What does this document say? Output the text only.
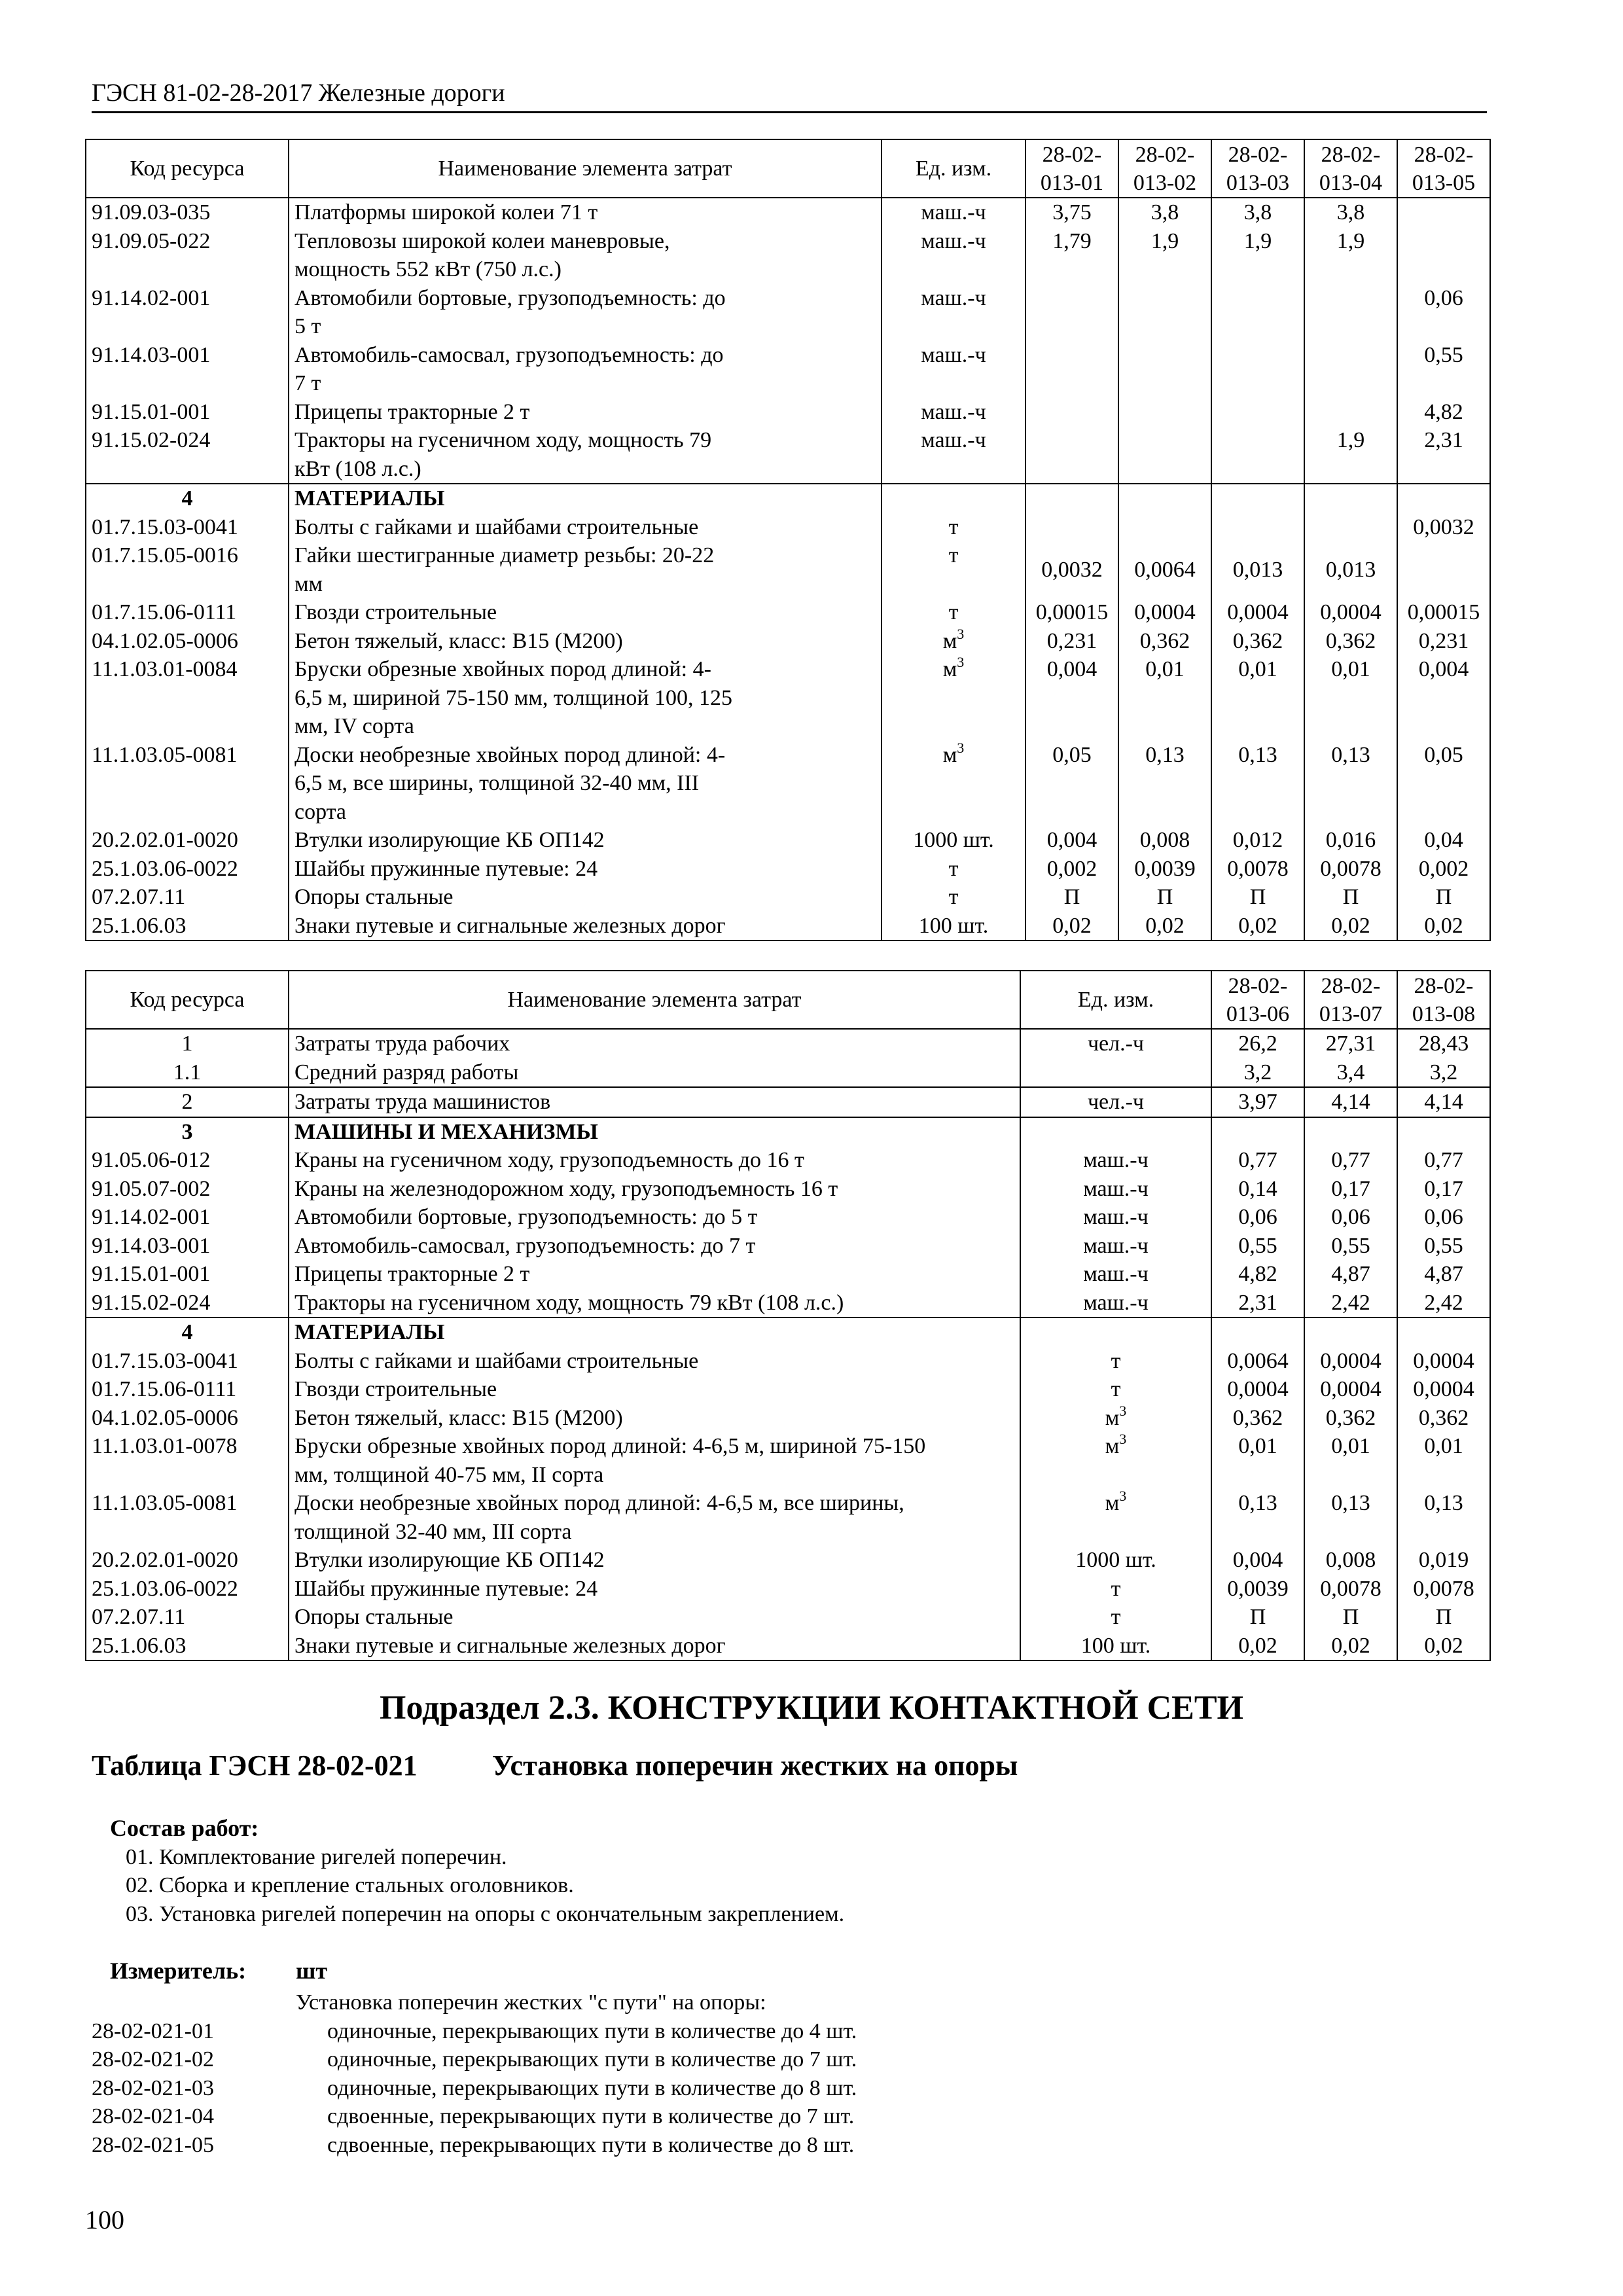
ГЭСН 81-02-28-2017 Железные дороги
Код ресурса	Наименование элемента затрат	Ед. изм.	28-02-
013-01	28-02-
013-02	28-02-
013-03	28-02-
013-04	28-02-
013-05
91.09.03-035	Платформы широкой колеи 71 т	маш.-ч	3,75	3,8	3,8	3,8	
91.09.05-022	Тепловозы широкой колеи маневровые,
мощность 552 кВт (750 л.с.)	маш.-ч	1,79	1,9	1,9	1,9	
91.14.02-001	Автомобили бортовые, грузоподъемность: до
5 т	маш.-ч					0,06
91.14.03-001	Автомобиль-самосвал, грузоподъемность: до
7 т	маш.-ч					0,55
91.15.01-001	Прицепы тракторные 2 т	маш.-ч					4,82
91.15.02-024	Тракторы на гусеничном ходу, мощность 79
кВт (108 л.с.)	маш.-ч				1,9	2,31
4	МАТЕРИАЛЫ						

01.7.15.03-0041	Болты с гайками и шайбами строительные	т					0,0032
01.7.15.05-0016	Гайки шестигранные диаметр резьбы: 20-22
мм	т	0,0032	0,0064	0,013	0,013	
01.7.15.06-0111	Гвозди строительные	т	0,00015	0,0004	0,0004	0,0004	0,00015
04.1.02.05-0006	Бетон тяжелый, класс: В15 (М200)	$м^3$	0,231	0,362	0,362	0,362	0,231
11.1.03.01-0084	Бруски обрезные хвойных пород длиной: 4-
6,5 м, шириной 75-150 мм, толщиной 100, 125
мм, IV сорта	$м^3$	0,004	0,01	0,01	0,01	0,004
11.1.03.05-0081	Доски необрезные хвойных пород длиной: 4-
6,5 м, все ширины, толщиной 32-40 мм, III
сорта	$м^3$	0,05	0,13	0,13	0,13	0,05
20.2.02.01-0020	Втулки изолирующие КБ ОП142	1000 шт.	0,004	0,008	0,012	0,016	0,04
25.1.03.06-0022	Шайбы пружинные путевые: 24	т	0,002	0,0039	0,0078	0,0078	0,002
07.2.07.11	Опоры стальные	т	П	П	П	П	П
25.1.06.03	Знаки путевые и сигнальные железных дорог	100 шт.	0,02	0,02	0,02	0,02	0,02
Код ресурса	Наименование элемента затрат	Ед. изм.	28-02-
013-06	28-02-
013-07	28-02-
013-08
1	Затраты труда рабочих	чел.-ч	26,2	27,31	28,43
1.1	Средний разряд работы		3,2	3,4	3,2
2	Затраты труда машинистов	чел.-ч	3,97	4,14	4,14
3	МАШИНЫ И МЕХАНИЗМЫ				

91.05.06-012	Краны на гусеничном ходу, грузоподъемность до 16 т	маш.-ч	0,77	0,77	0,77
91.05.07-002	Краны на железнодорожном ходу, грузоподъемность 16 т	маш.-ч	0,14	0,17	0,17
91.14.02-001	Автомобили бортовые, грузоподъемность: до 5 т	маш.-ч	0,06	0,06	0,06
91.14.03-001	Автомобиль-самосвал, грузоподъемность: до 7 т	маш.-ч	0,55	0,55	0,55
91.15.01-001	Прицепы тракторные 2 т	маш.-ч	4,82	4,87	4,87
91.15.02-024	Тракторы на гусеничном ходу, мощность 79 кВт (108 л.с.)	маш.-ч	2,31	2,42	2,42
4	МАТЕРИАЛЫ				

01.7.15.03-0041	Болты с гайками и шайбами строительные	т	0,0064	0,0004	0,0004
01.7.15.06-0111	Гвозди строительные	т	0,0004	0,0004	0,0004
04.1.02.05-0006	Бетон тяжелый, класс: В15 (М200)	$м^3$	0,362	0,362	0,362
11.1.03.01-0078	Бруски обрезные хвойных пород длиной: 4-6,5 м, шириной 75-150
мм, толщиной 40-75 мм, II сорта	$м^3$	0,01	0,01	0,01
11.1.03.05-0081	Доски необрезные хвойных пород длиной: 4-6,5 м, все ширины,
толщиной 32-40 мм, III сорта	$м^3$	0,13	0,13	0,13
20.2.02.01-0020	Втулки изолирующие КБ ОП142	1000 шт.	0,004	0,008	0,019
25.1.03.06-0022	Шайбы пружинные путевые: 24	т	0,0039	0,0078	0,0078
07.2.07.11	Опоры стальные	т	П	П	П
25.1.06.03	Знаки путевые и сигнальные железных дорог	100 шт.	0,02	0,02	0,02
Подраздел 2.3. КОНСТРУКЦИИ КОНТАКТНОЙ СЕТИ
Таблица ГЭСН 28-02-021	Установка поперечин жестких на опоры
Состав работ:
01. Комплектование ригелей поперечин.
02. Сборка и крепление стальных оголовников.
03. Установка ригелей поперечин на опоры с окончательным закреплением.
Измеритель: шт
Установка поперечин жестких "с пути" на опоры:
28-02-021-01	одиночные, перекрывающих пути в количестве до 4 шт.
28-02-021-02	одиночные, перекрывающих пути в количестве до 7 шт.
28-02-021-03	одиночные, перекрывающих пути в количестве до 8 шт.
28-02-021-04	сдвоенные, перекрывающих пути в количестве до 7 шт.
28-02-021-05	сдвоенные, перекрывающих пути в количестве до 8 шт.
100
